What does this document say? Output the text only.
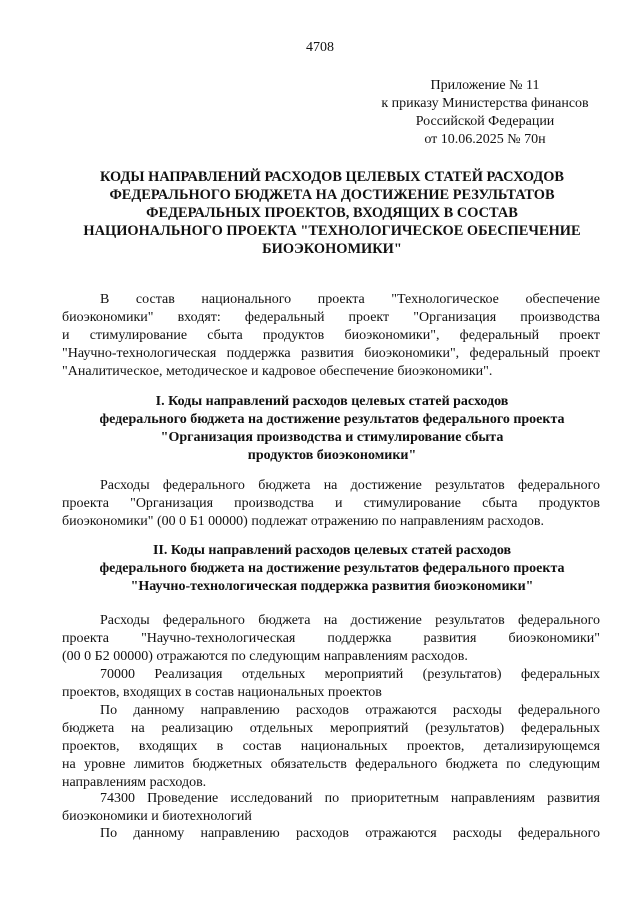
4708
Приложение № 11
к приказу Министерства финансов
Российской Федерации
от 10.06.2025 № 70н
КОДЫ НАПРАВЛЕНИЙ РАСХОДОВ ЦЕЛЕВЫХ СТАТЕЙ РАСХОДОВ
ФЕДЕРАЛЬНОГО БЮДЖЕТА НА ДОСТИЖЕНИЕ РЕЗУЛЬТАТОВ
ФЕДЕРАЛЬНЫХ ПРОЕКТОВ, ВХОДЯЩИХ В СОСТАВ
НАЦИОНАЛЬНОГО ПРОЕКТА "ТЕХНОЛОГИЧЕСКОЕ ОБЕСПЕЧЕНИЕ
БИОЭКОНОМИКИ"
В состав национального проекта "Технологическое обеспечение
биоэкономики" входят: федеральный проект "Организация производства
и стимулирование сбыта продуктов биоэкономики", федеральный проект
"Научно-технологическая поддержка развития биоэкономики", федеральный проект
"Аналитическое, методическое и кадровое обеспечение биоэкономики".
I. Коды направлений расходов целевых статей расходов
федерального бюджета на достижение результатов федерального проекта
"Организация производства и стимулирование сбыта
продуктов биоэкономики"
Расходы федерального бюджета на достижение результатов федерального
проекта "Организация производства и стимулирование сбыта продуктов
биоэкономики" (00 0 Б1 00000) подлежат отражению по направлениям расходов.
II. Коды направлений расходов целевых статей расходов
федерального бюджета на достижение результатов федерального проекта
"Научно-технологическая поддержка развития биоэкономики"
Расходы федерального бюджета на достижение результатов федерального
проекта "Научно-технологическая поддержка развития биоэкономики"
(00 0 Б2 00000) отражаются по следующим направлениям расходов.
70000 Реализация отдельных мероприятий (результатов) федеральных
проектов, входящих в состав национальных проектов
По данному направлению расходов отражаются расходы федерального
бюджета на реализацию отдельных мероприятий (результатов) федеральных
проектов, входящих в состав национальных проектов, детализирующемся
на уровне лимитов бюджетных обязательств федерального бюджета по следующим
направлениям расходов.
74300 Проведение исследований по приоритетным направлениям развития
биоэкономики и биотехнологий
По данному направлению расходов отражаются расходы федерального
